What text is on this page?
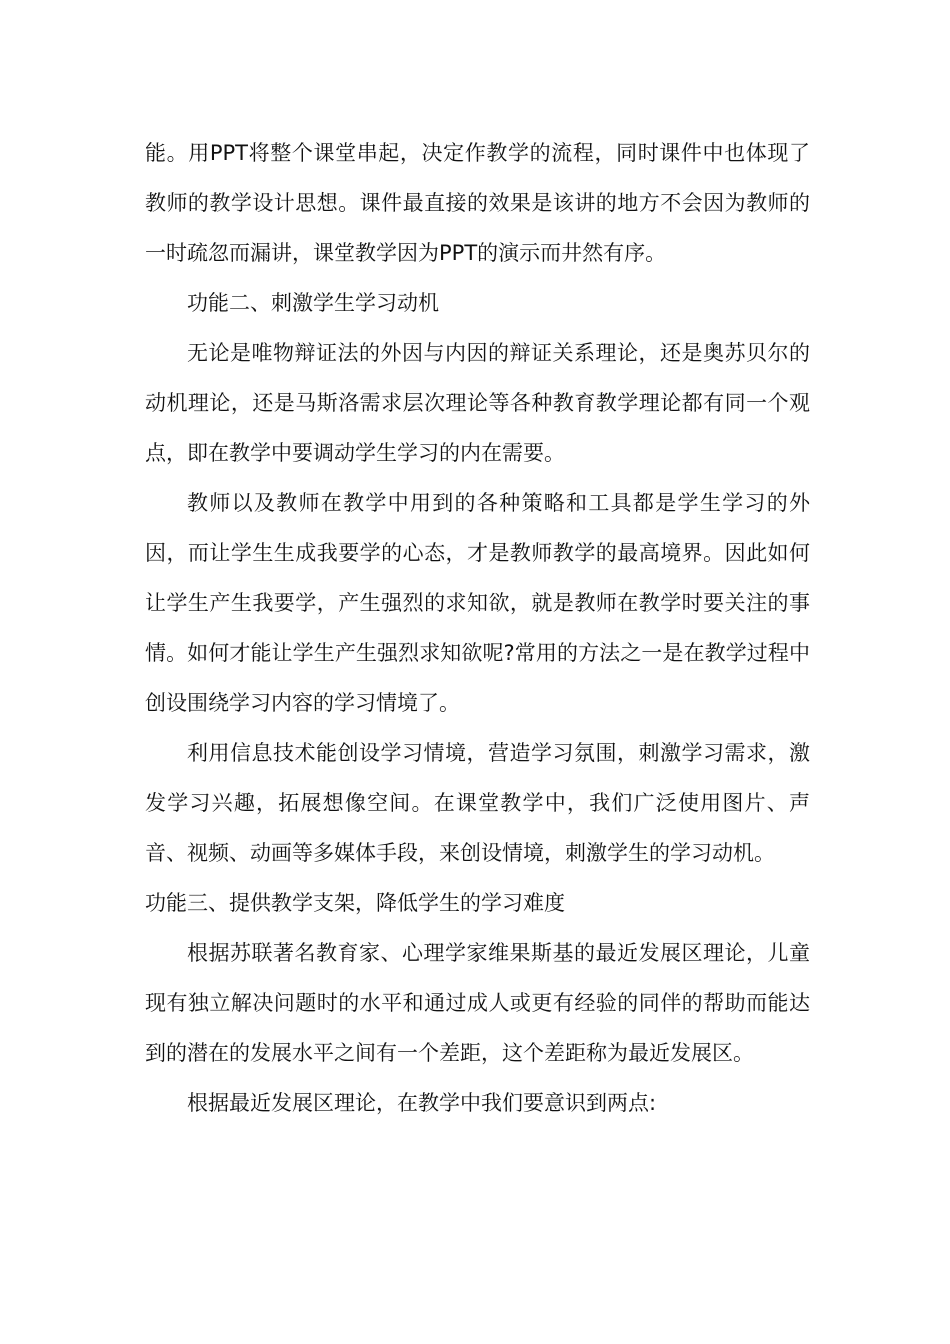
能。用PPT将整个课堂串起，决定作教学的流程，同时课件中也体现了教师的教学设计思想。课件最直接的效果是该讲的地方不会因为教师的一时疏忽而漏讲，课堂教学因为PPT的演示而井然有序。

功能二、刺激学生学习动机

无论是唯物辩证法的外因与内因的辩证关系理论，还是奥苏贝尔的动机理论，还是马斯洛需求层次理论等各种教育教学理论都有同一个观点，即在教学中要调动学生学习的内在需要。

教师以及教师在教学中用到的各种策略和工具都是学生学习的外因，而让学生生成我要学的心态，才是教师教学的最高境界。因此如何让学生产生我要学，产生强烈的求知欲，就是教师在教学时要关注的事情。如何才能让学生产生强烈求知欲呢?常用的方法之一是在教学过程中创设围绕学习内容的学习情境了。

利用信息技术能创设学习情境，营造学习氛围，刺激学习需求，激发学习兴趣，拓展想像空间。在课堂教学中，我们广泛使用图片、声音、视频、动画等多媒体手段，来创设情境，刺激学生的学习动机。

功能三、提供教学支架，降低学生的学习难度

根据苏联著名教育家、心理学家维果斯基的最近发展区理论，儿童现有独立解决问题时的水平和通过成人或更有经验的同伴的帮助而能达到的潜在的发展水平之间有一个差距，这个差距称为最近发展区。

根据最近发展区理论，在教学中我们要意识到两点:
